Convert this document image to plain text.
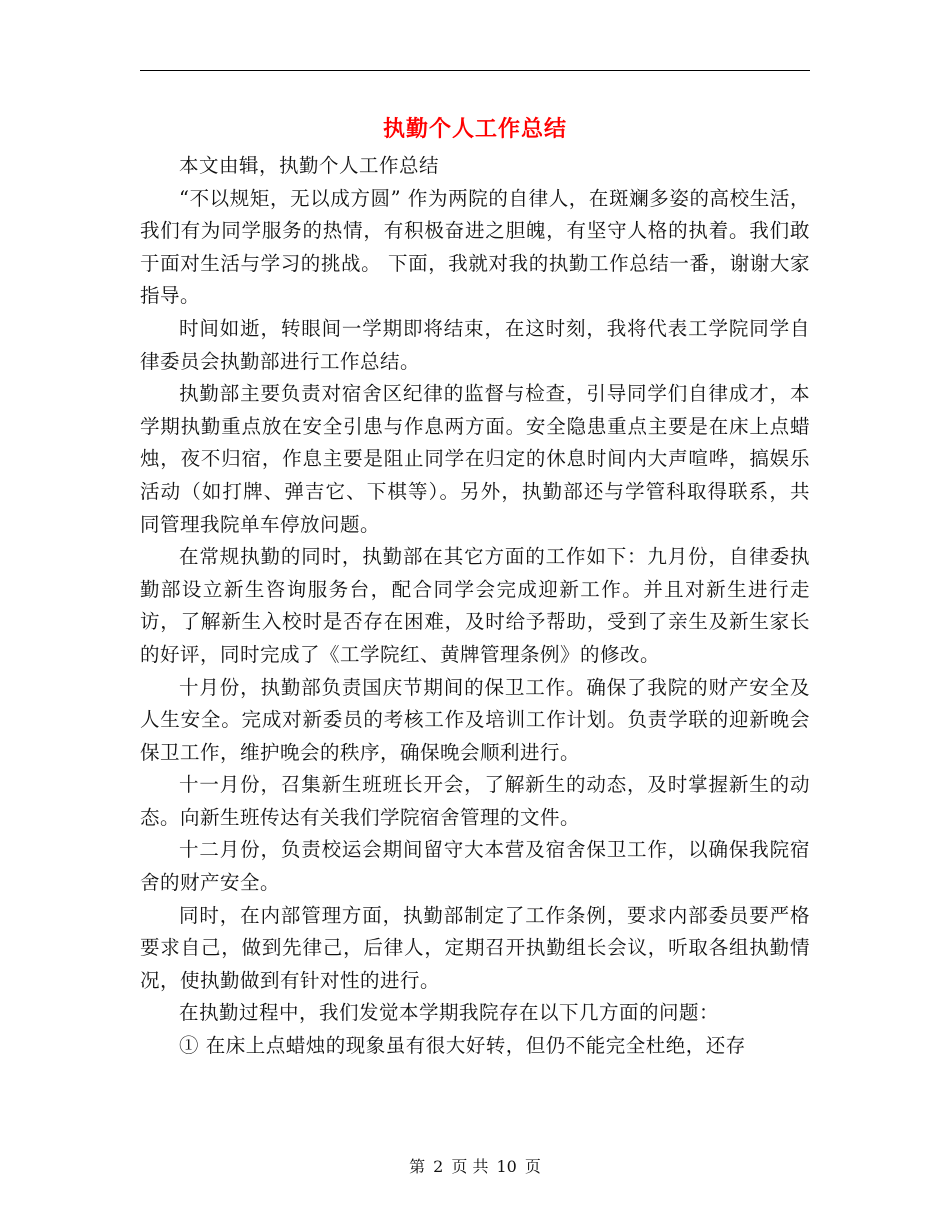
执勤个人工作总结

本文由辑，执勤个人工作总结

“不以规矩，无以成方圆” 作为两院的自律人，在斑斓多姿的高校生活，我们有为同学服务的热情，有积极奋进之胆魄，有坚守人格的执着。我们敢于面对生活与学习的挑战。 下面，我就对我的执勤工作总结一番，谢谢大家指导。

时间如逝，转眼间一学期即将结束，在这时刻，我将代表工学院同学自律委员会执勤部进行工作总结。

执勤部主要负责对宿舍区纪律的监督与检查，引导同学们自律成才，本学期执勤重点放在安全引患与作息两方面。安全隐患重点主要是在床上点蜡烛，夜不归宿，作息主要是阻止同学在归定的休息时间内大声喧哗，搞娱乐活动（如打牌、弹吉它、下棋等）。另外，执勤部还与学管科取得联系，共同管理我院单车停放问题。

在常规执勤的同时，执勤部在其它方面的工作如下：九月份，自律委执勤部设立新生咨询服务台，配合同学会完成迎新工作。并且对新生进行走访，了解新生入校时是否存在困难，及时给予帮助，受到了亲生及新生家长的好评，同时完成了《工学院红、黄牌管理条例》的修改。

十月份，执勤部负责国庆节期间的保卫工作。确保了我院的财产安全及人生安全。完成对新委员的考核工作及培训工作计划。负责学联的迎新晚会保卫工作，维护晚会的秩序，确保晚会顺利进行。

十一月份，召集新生班班长开会，了解新生的动态，及时掌握新生的动态。向新生班传达有关我们学院宿舍管理的文件。

十二月份，负责校运会期间留守大本营及宿舍保卫工作，以确保我院宿舍的财产安全。

同时，在内部管理方面，执勤部制定了工作条例，要求内部委员要严格要求自己，做到先律己，后律人，定期召开执勤组长会议，听取各组执勤情况，使执勤做到有针对性的进行。

在执勤过程中，我们发觉本学期我院存在以下几方面的问题：

① 在床上点蜡烛的现象虽有很大好转，但仍不能完全杜绝，还存

第 2 页 共 10 页
